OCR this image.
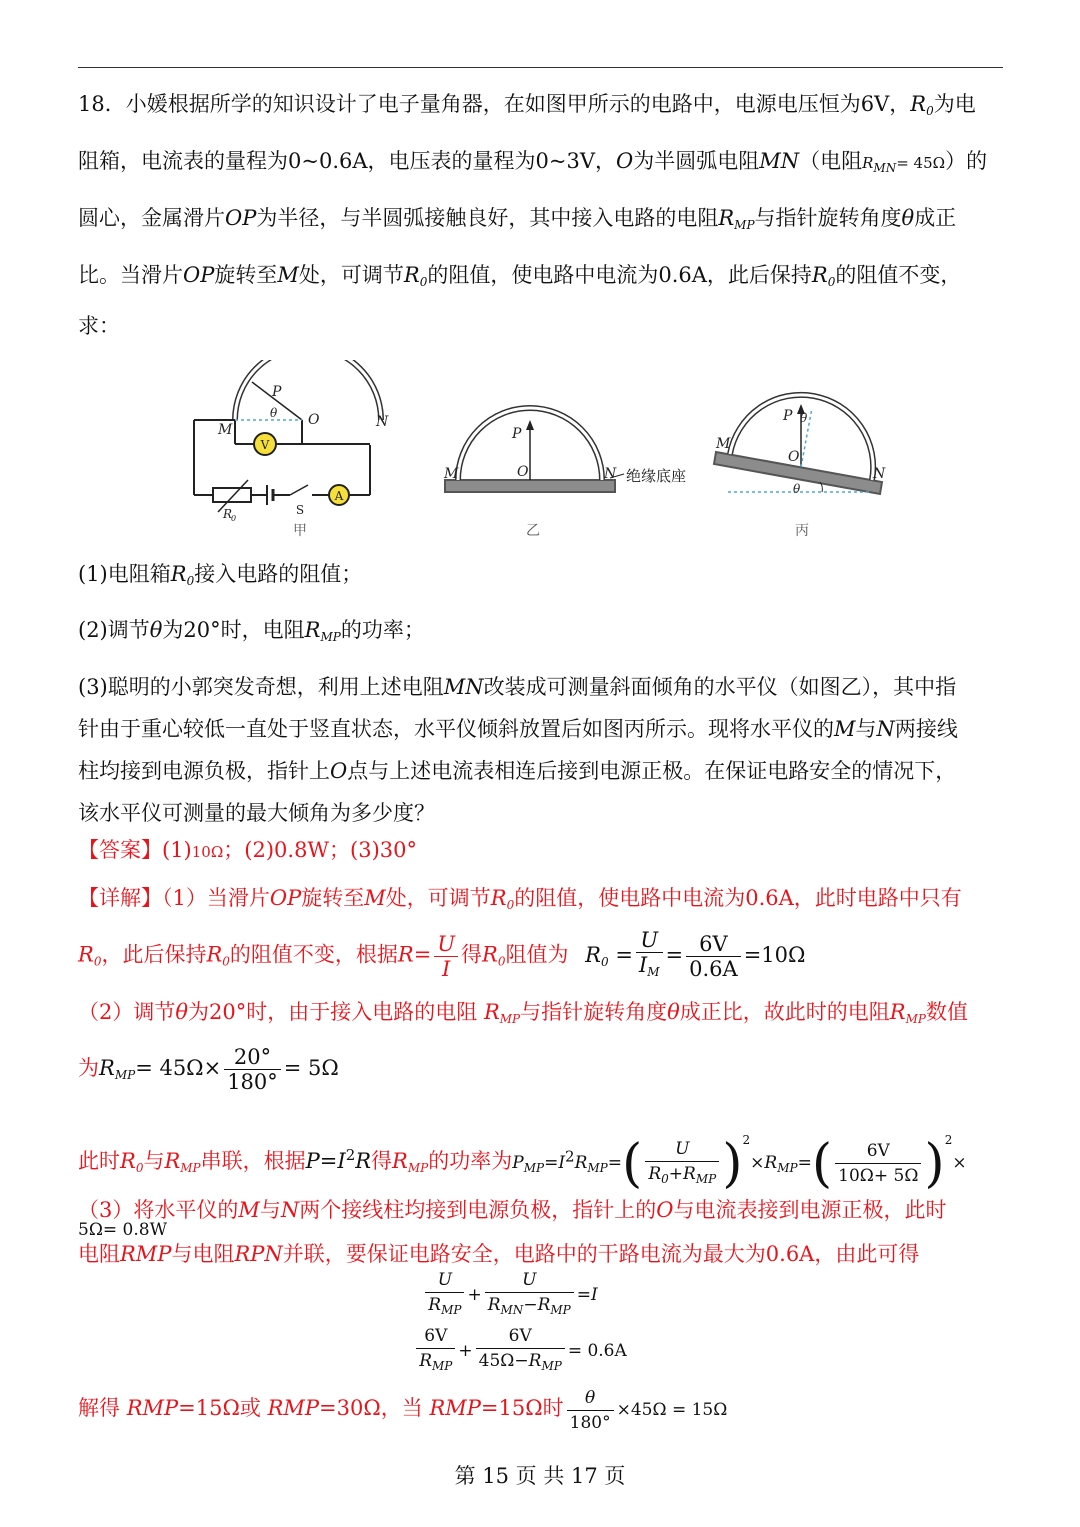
18．小媛根据所学的知识设计了电子量角器，在如图甲所示的电路中，电源电压恒为6V，$R_0$为电
阻箱，电流表的量程为0~0.6A，电压表的量程为0~3V，O为半圆弧电阻MN（电阻$R_{MN}= 45\Omega$）的
圆心，金属滑片OP为半径，与半圆弧接触良好，其中接入电路的电阻$R_{MP}$与指针旋转角度θ成正
比。当滑片OP旋转至M处，可调节$R_0$的阻值，使电路中电流为0.6A，此后保持$R_0$的阻值不变，
求：
P
O
M	N
θ
R
0
V
A
S
甲
P
O
M	N 绝缘底座
乙
P
O
M
N
θ
θ
丙
(1)电阻箱$R_0$接入电路的阻值；
(2)调节θ为20°时，电阻$R_{MP}$的功率；
(3)聪明的小郭突发奇想，利用上述电阻MN改装成可测量斜面倾角的水平仪（如图乙），其中指
针由于重心较低一直处于竖直状态，水平仪倾斜放置后如图丙所示。现将水平仪的M与N两接线
柱均接到电源负极，指针上O点与上述电流表相连后接到电源正极。在保证电路安全的情况下，
该水平仪可测量的最大倾角为多少度？
【答案】(1)10Ω；(2)0.8W；(3)30°
【详解】（1）当滑片OP旋转至M处，可调节$R_0$的阻值，使电路中电流为0.6A，此时电路中只有
$R_0$，此后保持$R_0$的阻值不变，根据$R= \frac{U}{I}$ 得$R_0$阻值为 $R_0 = \frac{U}{I_M} = \frac{6V}{0.6A} =10\Omega$
（2）调节θ为20°时，由于接入电路的电阻 $R_{MP}$与指针旋转角度θ成正比，故此时的电阻$R_{MP}$数值
为$R_{MP}= 45\Omega\times \frac{20^\circ}{180^\circ} = 5\Omega$
此时$R_0$与$R_{MP}$串联，根据$P=I^2R$得$R_{MP}$的功率为$P_{MP}=I^2R_{MP}=( \frac{U}{R_0+R_{MP}} )^2\times R_{MP}=( \frac{6V}{10\Omega+ 5\Omega} )^2\times 5\Omega= 0.8W$
（3）将水平仪的M与N两个接线柱均接到电源负极，指针上的O与电流表接到电源正极，此时
电阻RMP与电阻RPN并联，要保证电路安全，电路中的干路电流为最大为0.6A，由此可得
$\frac{U}{R_{MP}} + \frac{U}{R_{MN}-R_{MP}} =I$
$\frac{6V}{R_{MP}} + \frac{6V}{45\Omega-R_{MP}} = 0.6A$
解得 RMP=15Ω或 RMP=30Ω，当 RMP=15Ω时 $\frac{\theta}{180^\circ} \times 45\Omega = 15\Omega$
第 15 页 共 17 页
